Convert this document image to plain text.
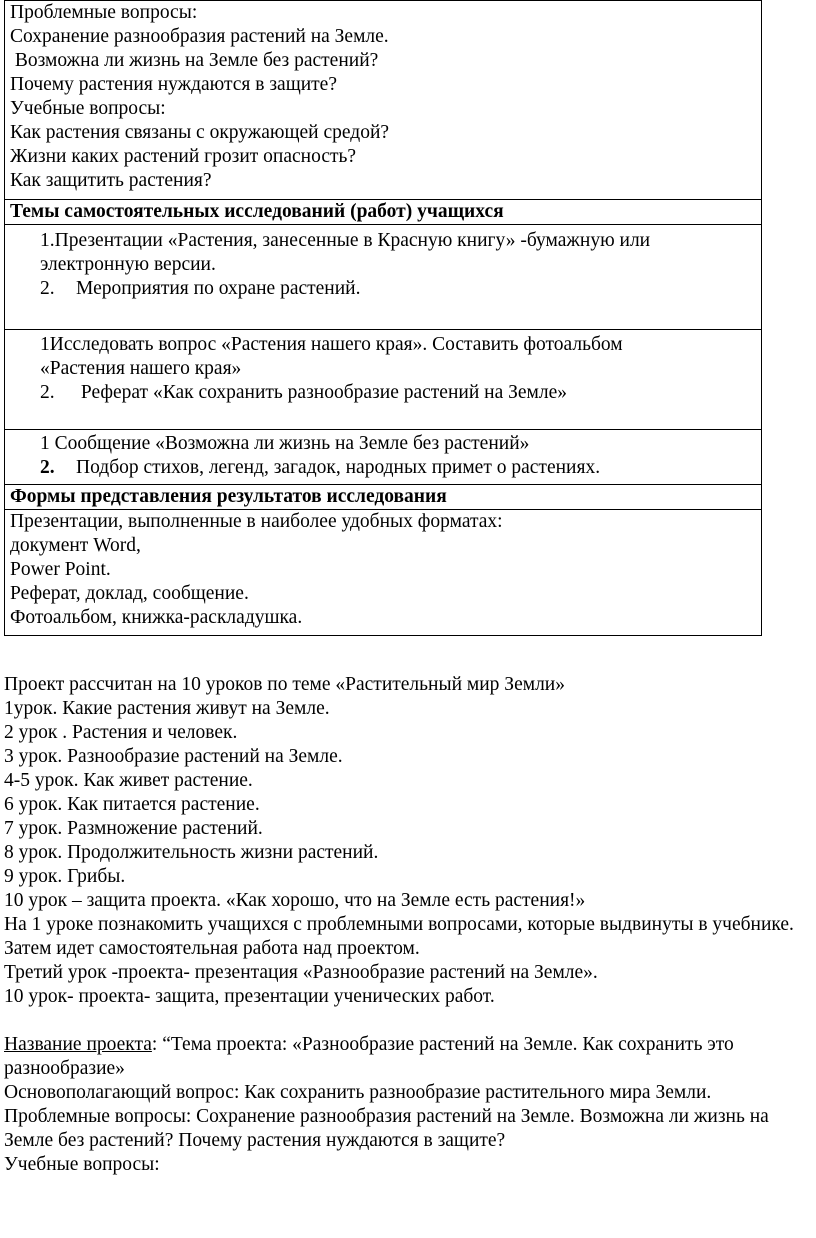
Проблемные вопросы:
Сохранение разнообразия растений на Земле.
Возможна ли жизнь на Земле без растений?
Почему растения нуждаются в защите?
Учебные вопросы:
Как растения связаны с окружающей средой?
Жизни каких растений грозит опасность?
Как защитить растения?

Темы самостоятельных исследований (работ) учащихся

1.Презентации «Растения, занесенные в Красную книгу» -бумажную или
электронную версии.
2. Мероприятия по охране растений.

1Исследовать вопрос «Растения нашего края». Составить фотоальбом
«Растения нашего края»
2. Реферат «Как сохранить разнообразие растений на Земле»

1 Сообщение «Возможна ли жизнь на Земле без растений»
2. Подбор стихов, легенд, загадок, народных примет о растениях.

Формы представления результатов исследования

Презентации, выполненные в наиболее удобных форматах:
документ Word,
Power Point.
Реферат, доклад, сообщение.
Фотоальбом, книжка-раскладушка.
Проект рассчитан на 10 уроков по теме «Растительный мир Земли»
1урок. Какие растения живут на Земле.
2 урок . Растения и человек.
3 урок. Разнообразие растений на Земле.
4-5 урок. Как живет растение.
6 урок. Как питается растение.
7 урок. Размножение растений.
8 урок. Продолжительность жизни растений.
9 урок. Грибы.
10 урок – защита проекта. «Как хорошо, что на Земле есть растения!»
На 1 уроке познакомить учащихся с проблемными вопросами, которые выдвинуты в учебнике.
Затем идет самостоятельная работа над проектом.
Третий урок -проекта- презентация «Разнообразие растений на Земле».
10 урок- проекта- защита, презентации ученических работ.
Название проекта: “Тема проекта: «Разнообразие растений на Земле. Как сохранить это   разнообразие»
Основополагающий вопрос: Как сохранить разнообразие растительного мира Земли.
Проблемные вопросы: Сохранение разнообразия растений на Земле. Возможна ли жизнь на Земле без растений? Почему растения нуждаются в защите?
Учебные вопросы:
